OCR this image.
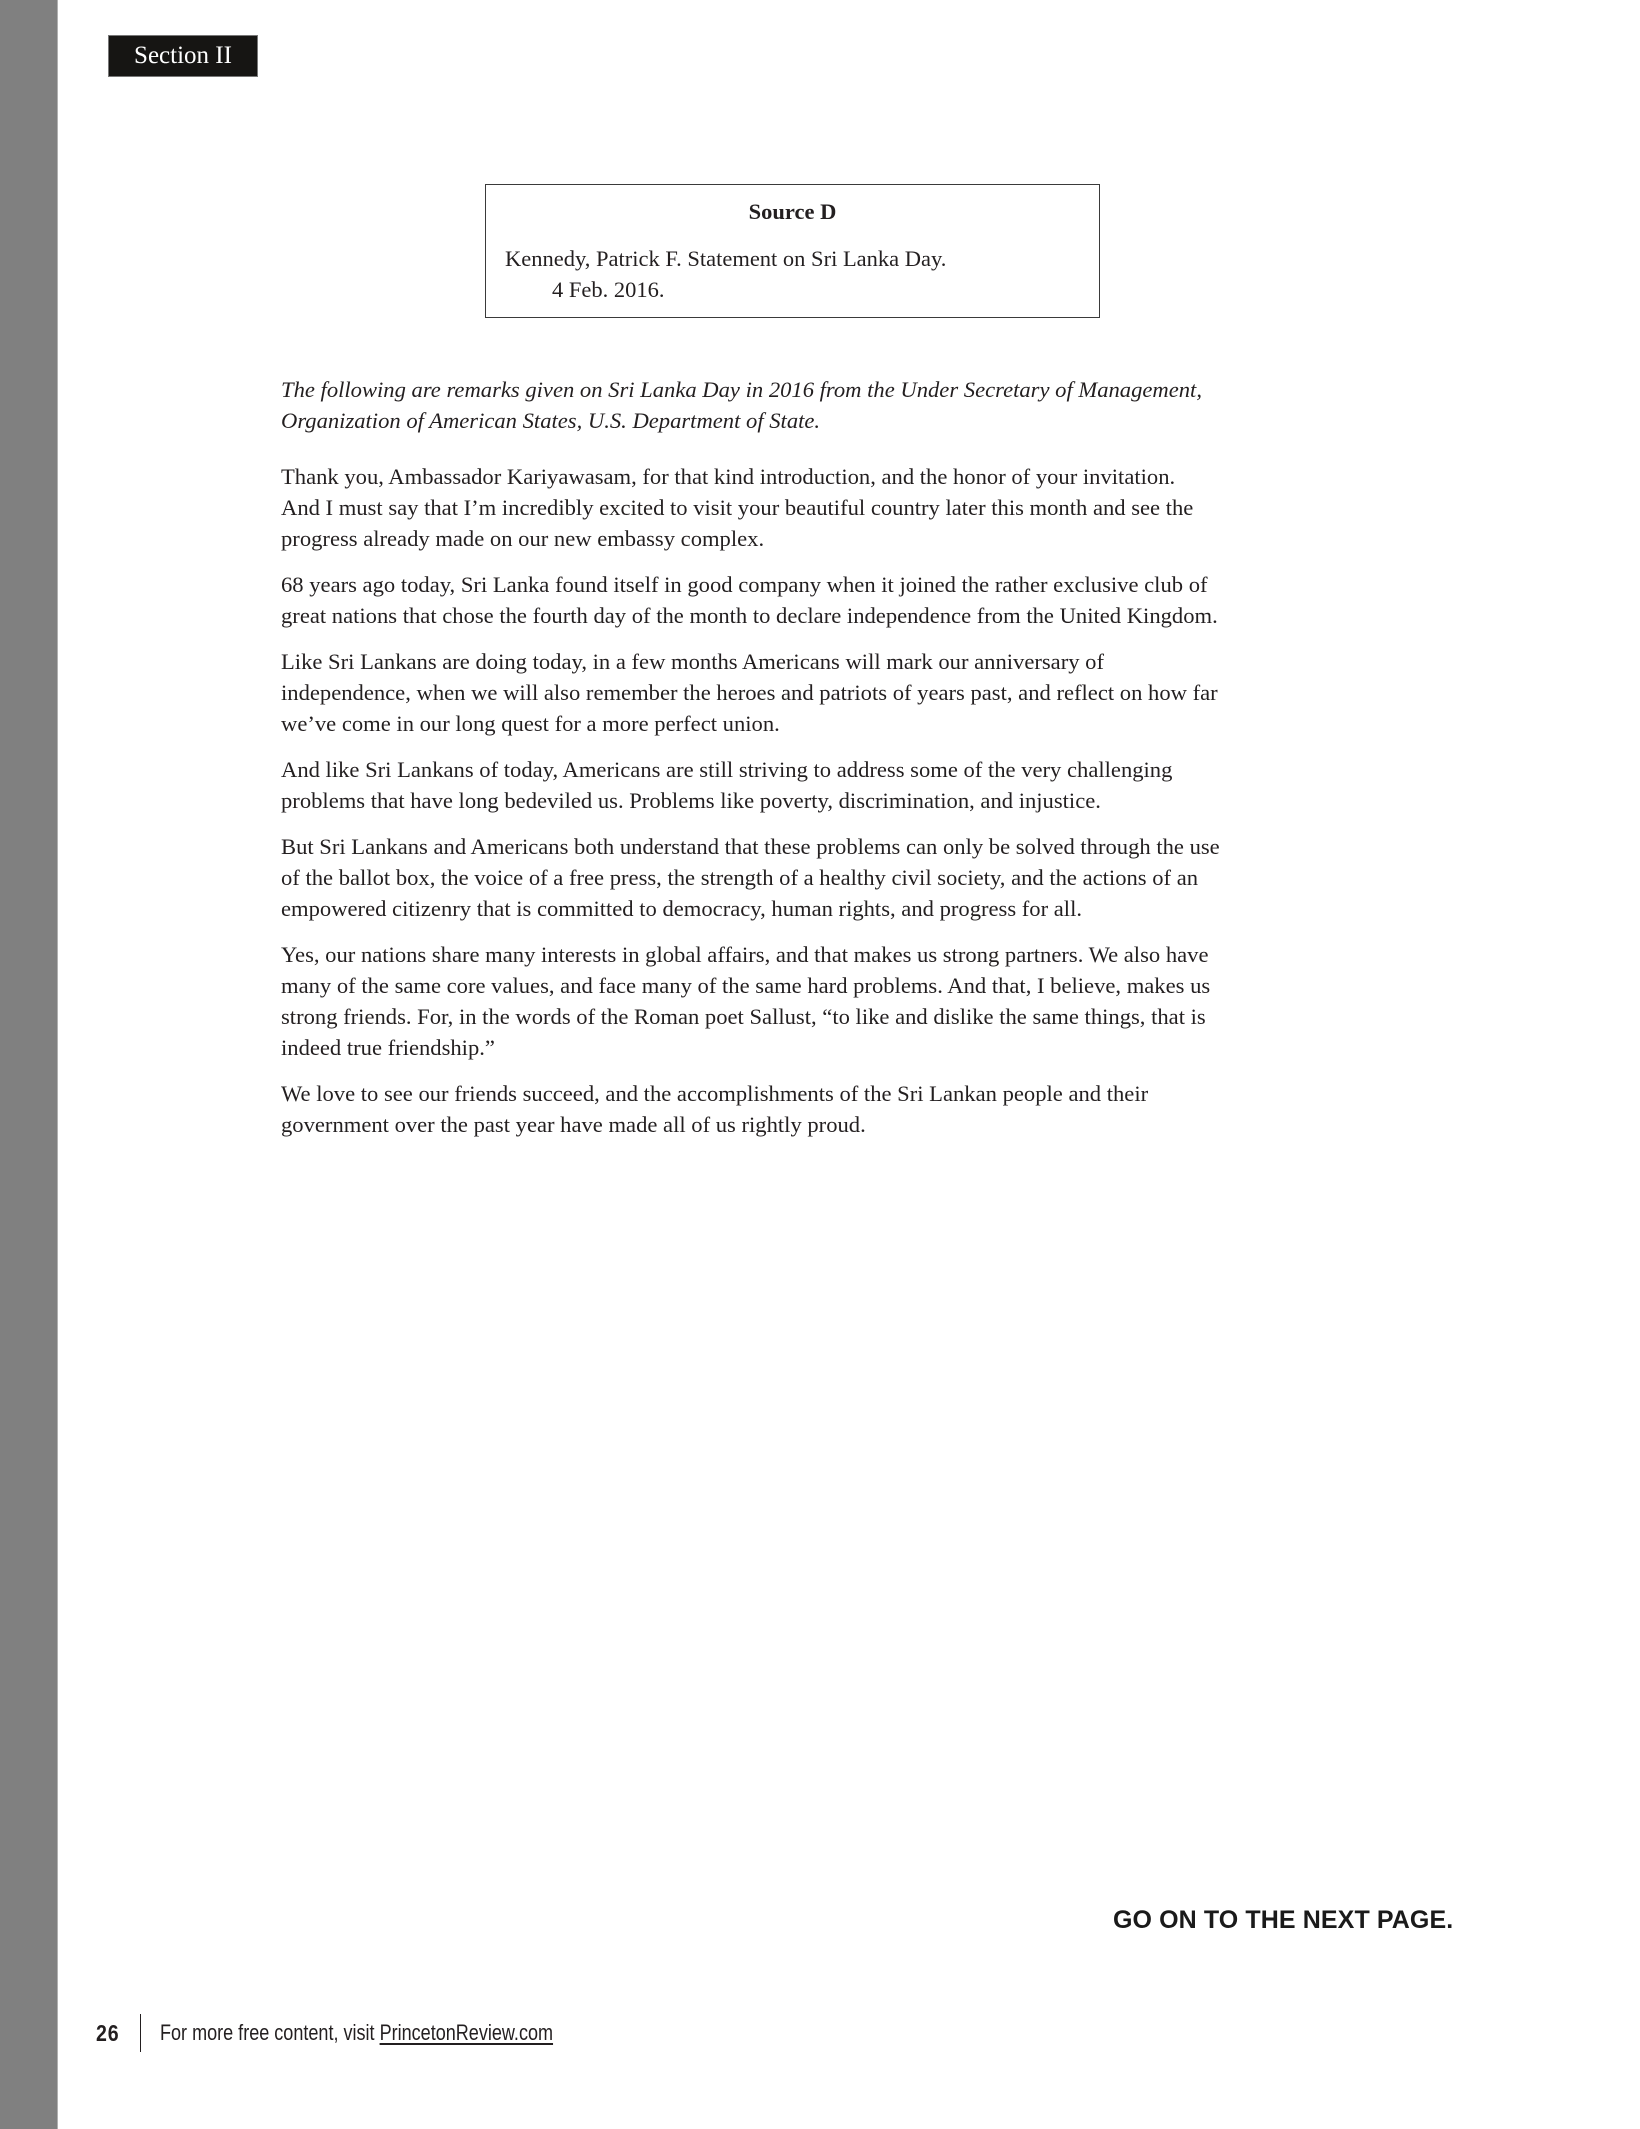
Section II
Source D
Kennedy, Patrick F. Statement on Sri Lanka Day.
4 Feb. 2016.

The following are remarks given on Sri Lanka Day in 2016 from the Under Secretary of Management,
Organization of American States, U.S. Department of State.

Thank you, Ambassador Kariyawasam, for that kind introduction, and the honor of your invitation.
And I must say that I’m incredibly excited to visit your beautiful country later this month and see the
progress already made on our new embassy complex.

68 years ago today, Sri Lanka found itself in good company when it joined the rather exclusive club of
great nations that chose the fourth day of the month to declare independence from the United Kingdom.

Like Sri Lankans are doing today, in a few months Americans will mark our anniversary of
independence, when we will also remember the heroes and patriots of years past, and reflect on how far
we’ve come in our long quest for a more perfect union.

And like Sri Lankans of today, Americans are still striving to address some of the very challenging
problems that have long bedeviled us. Problems like poverty, discrimination, and injustice.

But Sri Lankans and Americans both understand that these problems can only be solved through the use
of the ballot box, the voice of a free press, the strength of a healthy civil society, and the actions of an
empowered citizenry that is committed to democracy, human rights, and progress for all.

Yes, our nations share many interests in global affairs, and that makes us strong partners. We also have
many of the same core values, and face many of the same hard problems. And that, I believe, makes us
strong friends. For, in the words of the Roman poet Sallust, “to like and dislike the same things, that is
indeed true friendship.”

We love to see our friends succeed, and the accomplishments of the Sri Lankan people and their
government over the past year have made all of us rightly proud.

GO ON TO THE NEXT PAGE.
26 For more free content, visit PrincetonReview.com
